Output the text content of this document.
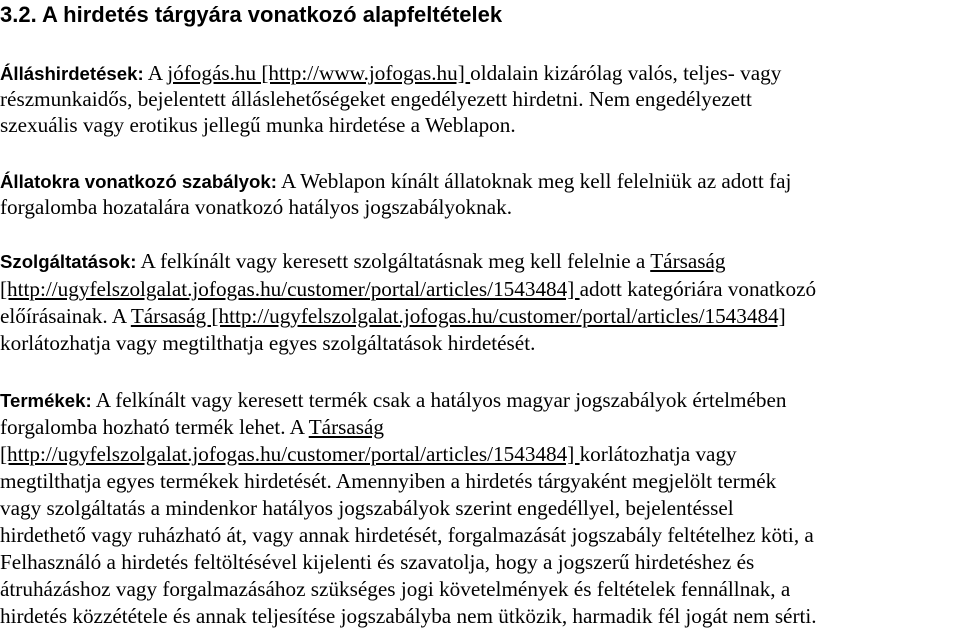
3.2. A hirdetés tárgyára vonatkozó alapfeltételek

Álláshirdetések: A jófogás.hu [http://www.jofogas.hu] oldalain kizárólag valós, teljes- vagy

részmunkaidős, bejelentett álláslehetőségeket engedélyezett hirdetni. Nem engedélyezett

szexuális vagy erotikus jellegű munka hirdetése a Weblapon.

Állatokra vonatkozó szabályok: A Weblapon kínált állatoknak meg kell felelniük az adott faj

forgalomba hozatalára vonatkozó hatályos jogszabályoknak.

Szolgáltatások: A felkínált vagy keresett szolgáltatásnak meg kell felelnie a Társaság

[http://ugyfelszolgalat.jofogas.hu/customer/portal/articles/1543484] adott kategóriára vonatkozó

előírásainak. A Társaság [http://ugyfelszolgalat.jofogas.hu/customer/portal/articles/1543484]

korlátozhatja vagy megtilthatja egyes szolgáltatások hirdetését.

Termékek: A felkínált vagy keresett termék csak a hatályos magyar jogszabályok értelmében

forgalomba hozható termék lehet. A Társaság

[http://ugyfelszolgalat.jofogas.hu/customer/portal/articles/1543484] korlátozhatja vagy

megtilthatja egyes termékek hirdetését. Amennyiben a hirdetés tárgyaként megjelölt termék

vagy szolgáltatás a mindenkor hatályos jogszabályok szerint engedéllyel, bejelentéssel

hirdethető vagy ruházható át, vagy annak hirdetését, forgalmazását jogszabály feltételhez köti, a

Felhasználó a hirdetés feltöltésével kijelenti és szavatolja, hogy a jogszerű hirdetéshez és

átruházáshoz vagy forgalmazásához szükséges jogi követelmények és feltételek fennállnak, a

hirdetés közzététele és annak teljesítése jogszabályba nem ütközik, harmadik fél jogát nem sérti.
